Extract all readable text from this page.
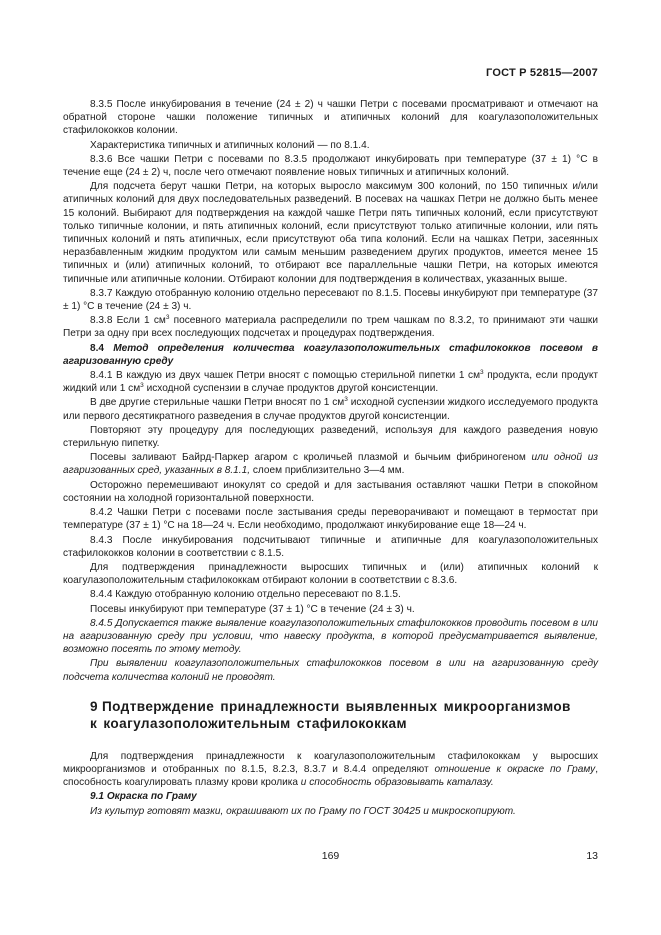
ГОСТ Р 52815—2007

8.3.5 После инкубирования в течение (24 ± 2) ч чашки Петри с посевами просматривают и отмечают на обратной стороне чашки положение типичных и атипичных колоний для коагулазоположительных стафилококков колонии.

Характеристика типичных и атипичных колоний — по 8.1.4.

8.3.6 Все чашки Петри с посевами по 8.3.5 продолжают инкубировать при температуре (37 ± 1) °С в течение еще (24 ± 2) ч, после чего отмечают появление новых типичных и атипичных колоний.

Для подсчета берут чашки Петри, на которых выросло максимум 300 колоний, по 150 типичных и/или атипичных колоний для двух последовательных разведений. В посевах на чашках Петри не должно быть менее 15 колоний. Выбирают для подтверждения на каждой чашке Петри пять типичных колоний, если присутствуют только типичные колонии, и пять атипичных колоний, если присутствуют только атипичные колонии, или пять типичных колоний и пять атипичных, если присутствуют оба типа колоний. Если на чашках Петри, засеянных неразбавленным жидким продуктом или самым меньшим разведением других продуктов, имеется менее 15 типичных и (или) атипичных колоний, то отбирают все параллельные чашки Петри, на которых имеются типичные или атипичные колонии. Отбирают колонии для подтверждения в количествах, указанных выше.

8.3.7 Каждую отобранную колонию отдельно пересевают по 8.1.5. Посевы инкубируют при температуре (37 ± 1) °С в течение (24 ± 3) ч.

8.3.8 Если 1 $см^3$ посевного материала распределили по трем чашкам по 8.3.2, то принимают эти чашки Петри за одну при всех последующих подсчетах и процедурах подтверждения.

8.4 Метод определения количества коагулазоположительных стафилококков посевом в агаризованную среду

8.4.1 В каждую из двух чашек Петри вносят с помощью стерильной пипетки 1 $см^3$ продукта, если продукт жидкий или 1 $см^3$ исходной суспензии в случае продуктов другой консистенции.

В две другие стерильные чашки Петри вносят по 1 $см^3$ исходной суспензии жидкого исследуемого продукта или первого десятикратного разведения в случае продуктов другой консистенции.

Повторяют эту процедуру для последующих разведений, используя для каждого разведения новую стерильную пипетку.

Посевы заливают Байрд-Паркер агаром с кроличьей плазмой и бычьим фибриногеном или одной из агаризованных сред, указанных в 8.1.1, слоем приблизительно 3—4 мм.

Осторожно перемешивают инокулят со средой и для застывания оставляют чашки Петри в спокойном состоянии на холодной горизонтальной поверхности.

8.4.2 Чашки Петри с посевами после застывания среды переворачивают и помещают в термостат при температуре (37 ± 1) °С на 18—24 ч. Если необходимо, продолжают инкубирование еще 18—24 ч.

8.4.3 После инкубирования подсчитывают типичные и атипичные для коагулазоположительных стафилококков колонии в соответствии с 8.1.5.

Для подтверждения принадлежности выросших типичных и (или) атипичных колоний к коагулазоположительным стафилококкам отбирают колонии в соответствии с 8.3.6.

8.4.4 Каждую отобранную колонию отдельно пересевают по 8.1.5.

Посевы инкубируют при температуре (37 ± 1) °С в течение (24 ± 3) ч.

8.4.5 Допускается также выявление коагулазоположительных стафилококков проводить посевом в или на агаризованную среду при условии, что навеску продукта, в которой предусматривается выявление, возможно посеять по этому методу.

При выявлении коагулазоположительных стафилококков посевом в или на агаризованную среду подсчета количества колоний не проводят.

9 Подтверждение принадлежности выявленных микроорганизмов
к коагулазоположительным стафилококкам

Для подтверждения принадлежности к коагулазоположительным стафилококкам у выросших микроорганизмов и отобранных по 8.1.5, 8.2.3, 8.3.7 и 8.4.4 определяют отношение к окраске по Граму, способность коагулировать плазму крови кролика и способность образовывать каталазу.

9.1 Окраска по Граму

Из культур готовят мазки, окрашивают их по Граму по ГОСТ 30425 и микроскопируют.

169	13
